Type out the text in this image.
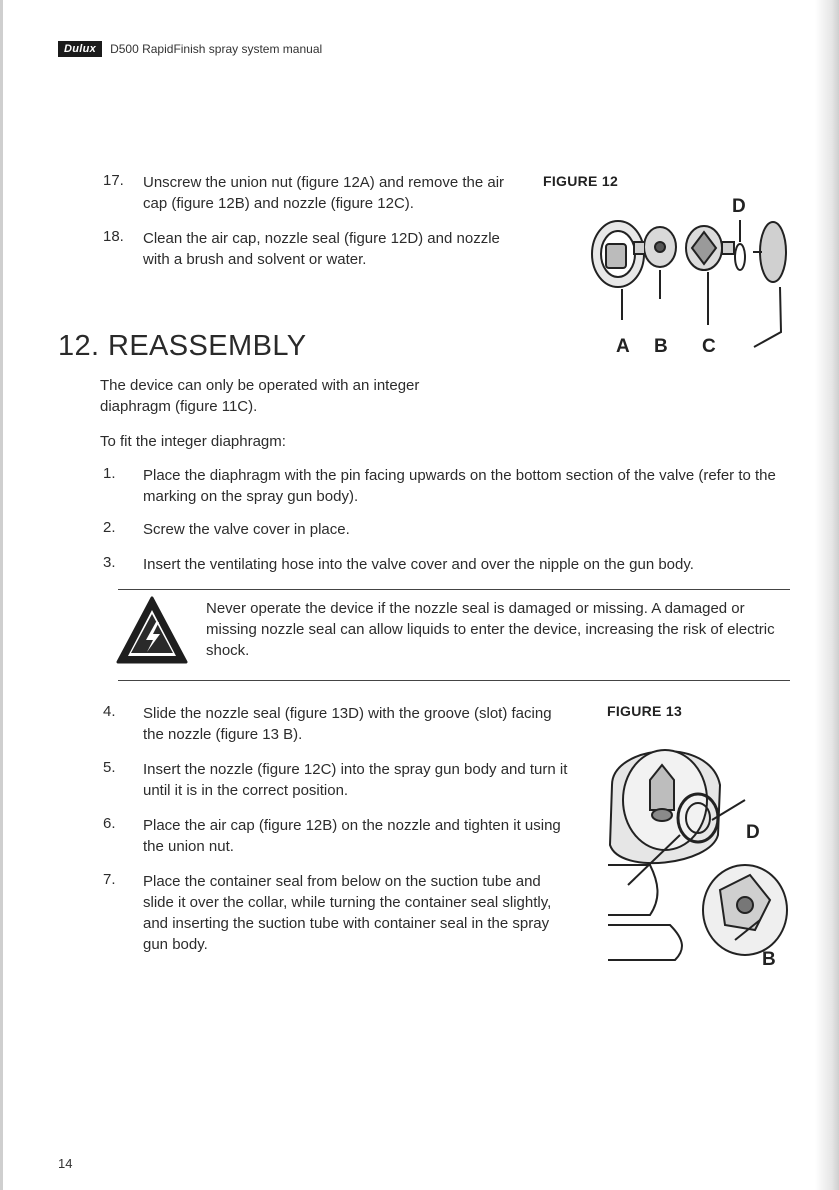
Dulux	D500 RapidFinish spray system manual
17. Unscrew the union nut (figure 12A) and remove the air cap (figure 12B) and nozzle (figure 12C).
18. Clean the air cap, nozzle seal (figure 12D) and nozzle with a brush and solvent or water.
FIGURE 12
A B C
D
12. REASSEMBLY
The device can only be operated with an integer diaphragm (figure 11C).
To fit the integer diaphragm:
1. Place the diaphragm with the pin facing upwards on the bottom section of the valve (refer to the marking on the spray gun body).
2. Screw the valve cover in place.
3. Insert the ventilating hose into the valve cover and over the nipple on the gun body.
Never operate the device if the nozzle seal is damaged or missing. A damaged or missing nozzle seal can allow liquids to enter the device, increasing the risk of electric shock.
4. Slide the nozzle seal (figure 13D) with the groove (slot) facing the nozzle (figure 13 B).
5. Insert the nozzle (figure 12C) into the spray gun body and turn it until it is in the correct position.
6. Place the air cap (figure 12B) on the nozzle and tighten it using the union nut.
7. Place the container seal from below on the suction tube and slide it over the collar, while turning the container seal slightly, and inserting the suction tube with container seal in the spray gun body.
FIGURE 13
D
B
14
